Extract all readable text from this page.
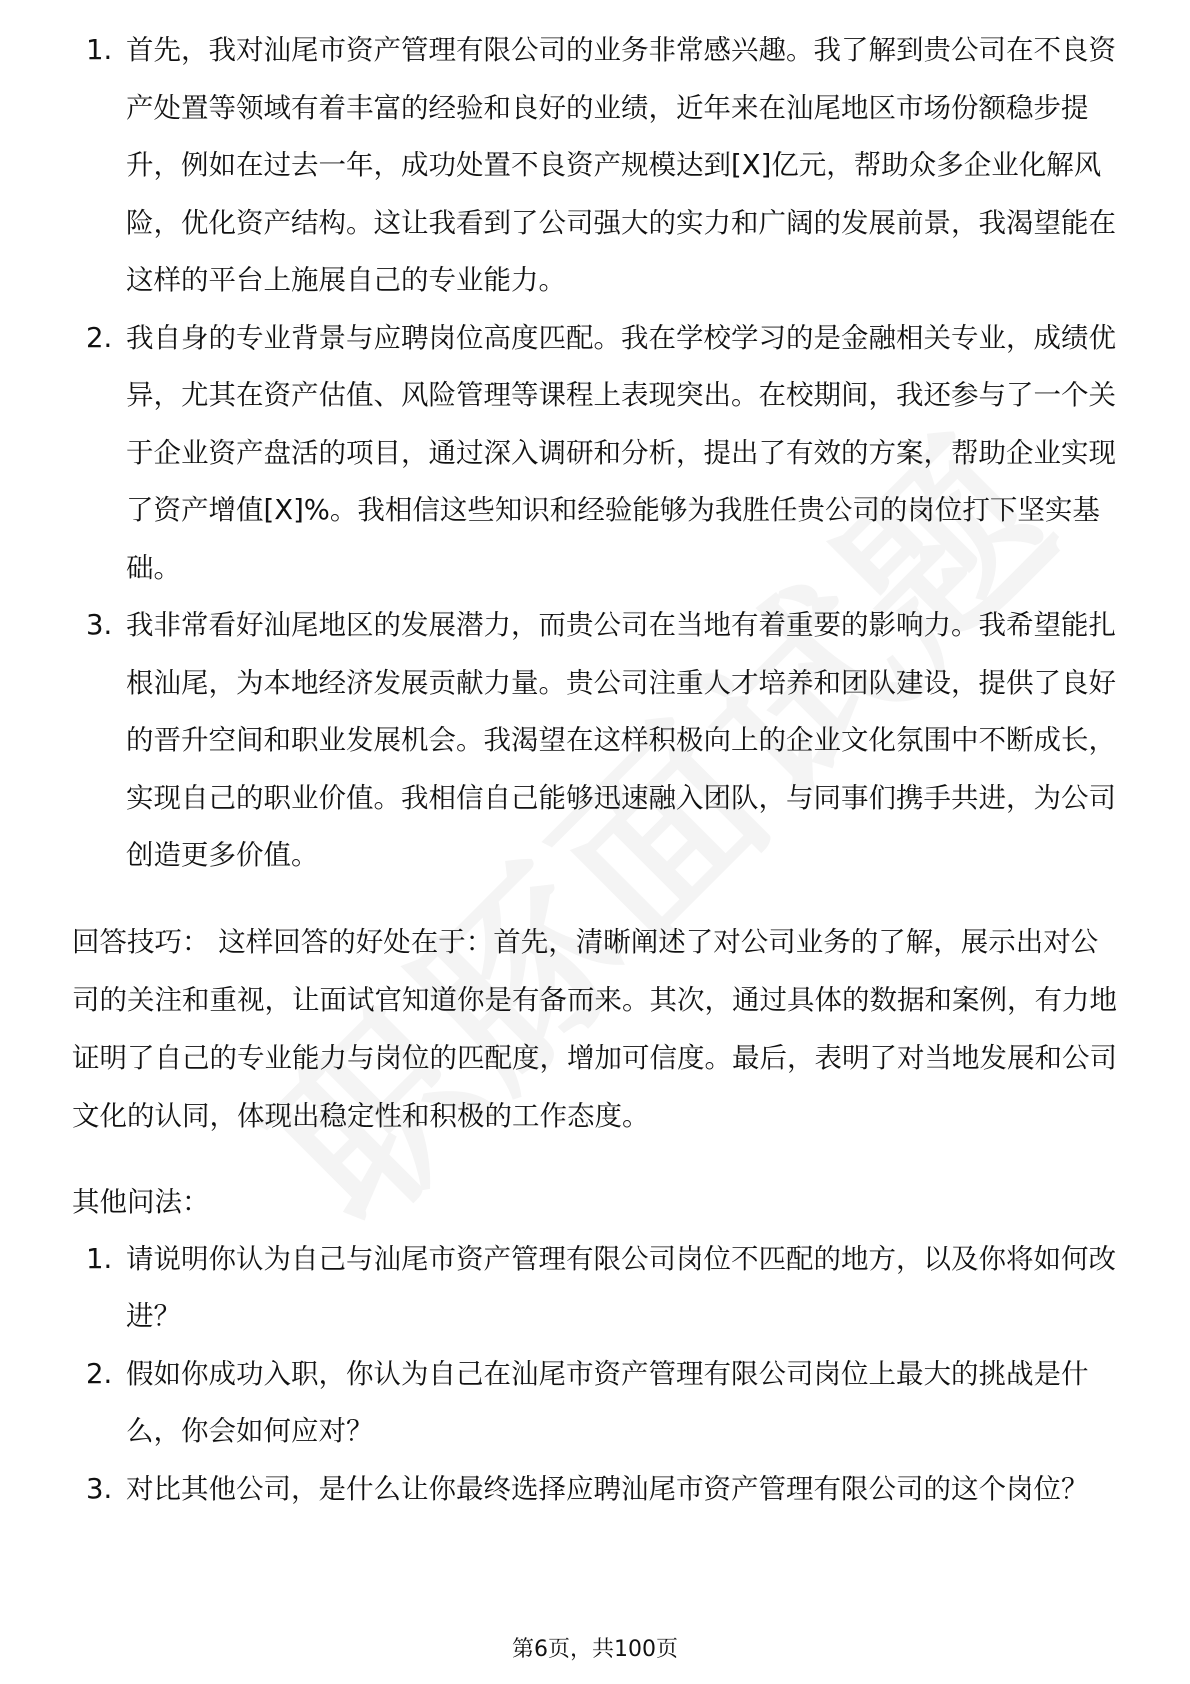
1. 首先，我对汕尾市资产管理有限公司的业务非常感兴趣。我了解到贵公司在不良资产处置等领域有着丰富的经验和良好的业绩，近年来在汕尾地区市场份额稳步提升，例如在过去一年，成功处置不良资产规模达到[X]亿元，帮助众多企业化解风险，优化资产结构。这让我看到了公司强大的实力和广阔的发展前景，我渴望能在这样的平台上施展自己的专业能力。
2. 我自身的专业背景与应聘岗位高度匹配。我在学校学习的是金融相关专业，成绩优异，尤其在资产估值、风险管理等课程上表现突出。在校期间，我还参与了一个关于企业资产盘活的项目，通过深入调研和分析，提出了有效的方案，帮助企业实现了资产增值[X]%。我相信这些知识和经验能够为我胜任贵公司的岗位打下坚实基础。
3. 我非常看好汕尾地区的发展潜力，而贵公司在当地有着重要的影响力。我希望能扎根汕尾，为本地经济发展贡献力量。贵公司注重人才培养和团队建设，提供了良好的晋升空间和职业发展机会。我渴望在这样积极向上的企业文化氛围中不断成长，实现自己的职业价值。我相信自己能够迅速融入团队，与同事们携手共进，为公司创造更多价值。

回答技巧： 这样回答的好处在于：首先，清晰阐述了对公司业务的了解，展示出对公司的关注和重视，让面试官知道你是有备而来。其次，通过具体的数据和案例，有力地证明了自己的专业能力与岗位的匹配度，增加可信度。最后，表明了对当地发展和公司文化的认同，体现出稳定性和积极的工作态度。

其他问法：

1. 请说明你认为自己与汕尾市资产管理有限公司岗位不匹配的地方，以及你将如何改进？
2. 假如你成功入职，你认为自己在汕尾市资产管理有限公司岗位上最大的挑战是什么，你会如何应对？
3. 对比其他公司，是什么让你最终选择应聘汕尾市资产管理有限公司的这个岗位？
第6页，共100页
